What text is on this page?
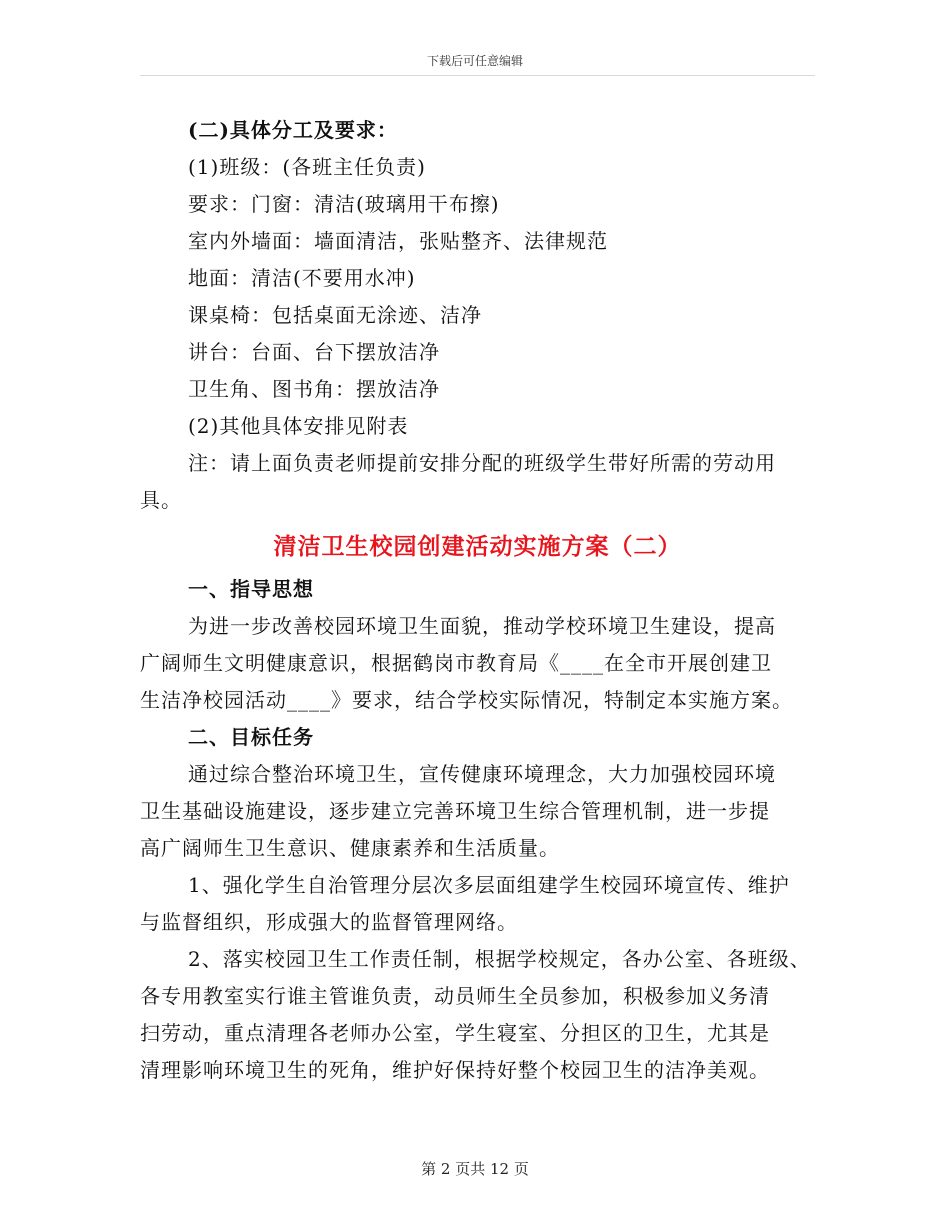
下载后可任意编辑
(二)具体分工及要求：
(1)班级：(各班主任负责)
要求：门窗：清洁(玻璃用干布擦)
室内外墙面：墙面清洁，张贴整齐、法律规范
地面：清洁(不要用水冲)
课桌椅：包括桌面无涂迹、洁净
讲台：台面、台下摆放洁净
卫生角、图书角：摆放洁净
(2)其他具体安排见附表
注：请上面负责老师提前安排分配的班级学生带好所需的劳动用
具。
清洁卫生校园创建活动实施方案（二）
一、指导思想
为进一步改善校园环境卫生面貌，推动学校环境卫生建设，提高
广阔师生文明健康意识，根据鹤岗市教育局《____在全市开展创建卫
生洁净校园活动____》要求，结合学校实际情况，特制定本实施方案。
二、目标任务
通过综合整治环境卫生，宣传健康环境理念，大力加强校园环境
卫生基础设施建设，逐步建立完善环境卫生综合管理机制，进一步提
高广阔师生卫生意识、健康素养和生活质量。
1、强化学生自治管理分层次多层面组建学生校园环境宣传、维护
与监督组织，形成强大的监督管理网络。
2、落实校园卫生工作责任制，根据学校规定，各办公室、各班级、
各专用教室实行谁主管谁负责，动员师生全员参加，积极参加义务清
扫劳动，重点清理各老师办公室，学生寝室、分担区的卫生，尤其是
清理影响环境卫生的死角，维护好保持好整个校园卫生的洁净美观。
第 2 页共 12 页
